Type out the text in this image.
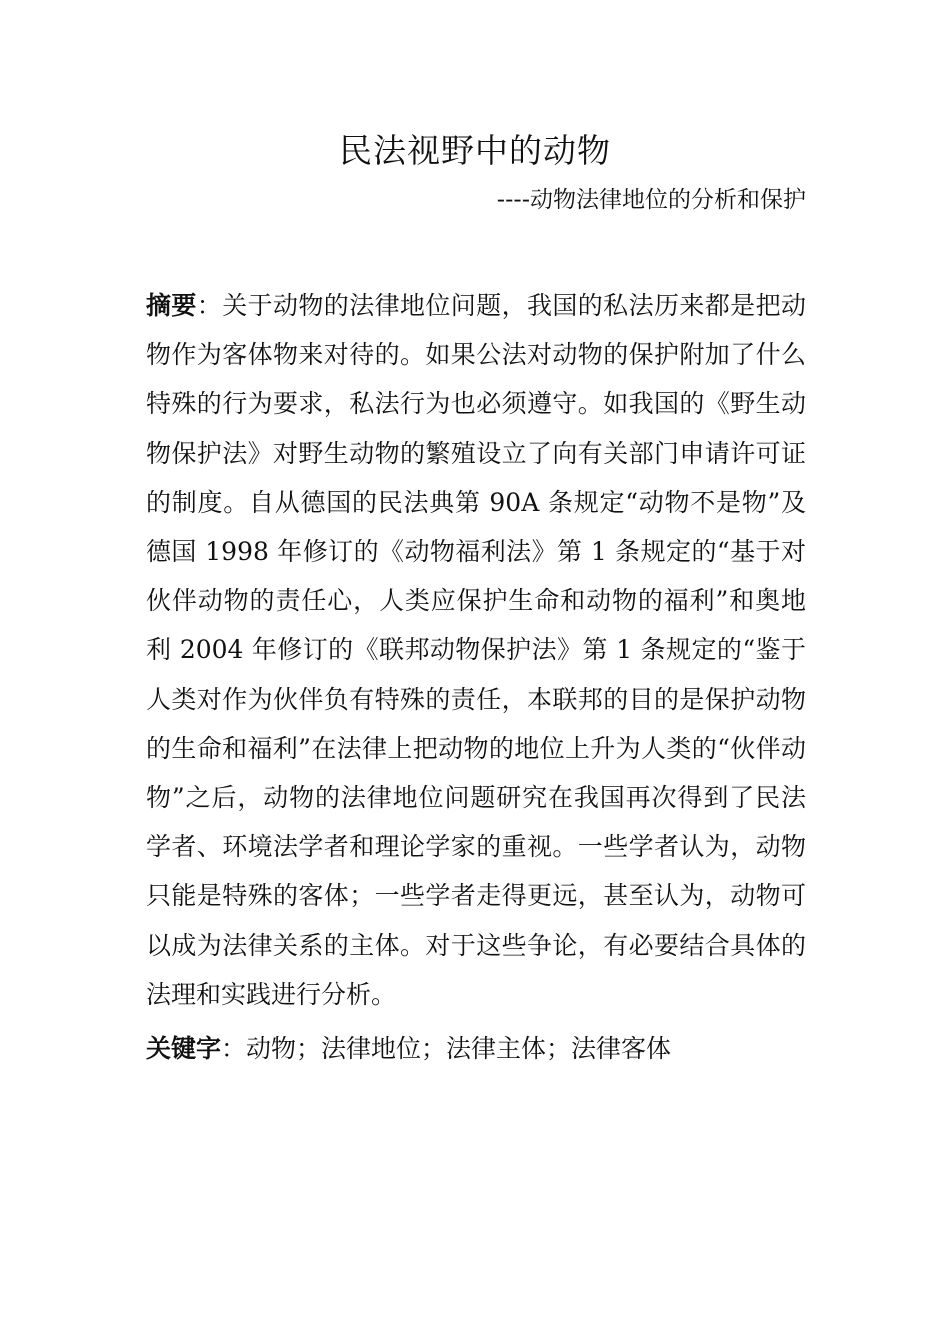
民法视野中的动物

----动物法律地位的分析和保护

摘要：关于动物的法律地位问题，我国的私法历来都是把动物作为客体物来对待的。如果公法对动物的保护附加了什么特殊的行为要求，私法行为也必须遵守。如我国的《野生动物保护法》对野生动物的繁殖设立了向有关部门申请许可证的制度。自从德国的民法典第 90A 条规定“动物不是物”及德国 1998 年修订的《动物福利法》第 1 条规定的“基于对伙伴动物的责任心，人类应保护生命和动物的福利”和奥地利 2004 年修订的《联邦动物保护法》第 1 条规定的“鉴于人类对作为伙伴负有特殊的责任，本联邦的目的是保护动物的生命和福利”在法律上把动物的地位上升为人类的“伙伴动物”之后，动物的法律地位问题研究在我国再次得到了民法学者、环境法学者和理论学家的重视。一些学者认为，动物只能是特殊的客体；一些学者走得更远，甚至认为，动物可以成为法律关系的主体。对于这些争论，有必要结合具体的法理和实践进行分析。

关键字：动物；法律地位；法律主体；法律客体
